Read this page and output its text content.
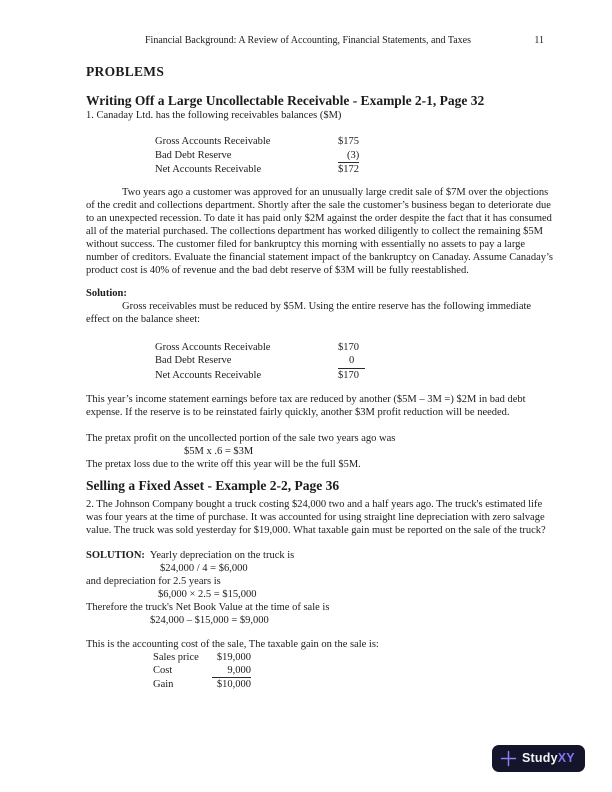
Financial Background: A Review of Accounting, Financial Statements, and Taxes	11
PROBLEMS
Writing Off a Large Uncollectable Receivable - Example 2-1, Page 32

1. Canaday Ltd. has the following receivables balances ($M)

Gross Accounts Receivable	$175
Bad Debt Reserve	(3)
Net Accounts Receivable	$172

Two years ago a customer was approved for an unusually large credit sale of $7M over the objections of the credit and collections department. Shortly after the sale the customer’s business began to deteriorate due to an unexpected recession. To date it has paid only $2M against the order despite the fact that it has consumed all of the material purchased. The collections department has worked diligently to collect the remaining $5M without success. The customer filed for bankruptcy this morning with essentially no assets to pay a large number of creditors. Evaluate the financial statement impact of the bankruptcy on Canaday. Assume Canaday’s product cost is 40% of revenue and the bad debt reserve of $3M will be fully reestablished.

Solution:

Gross receivables must be reduced by $5M. Using the entire reserve has the following immediate effect on the balance sheet:

Gross Accounts Receivable	$170
Bad Debt Reserve	0
Net Accounts Receivable	$170

This year’s income statement earnings before tax are reduced by another ($5M – 3M =) $2M in bad debt expense. If the reserve is to be reinstated fairly quickly, another $3M profit reduction will be needed.

The pretax profit on the uncollected portion of the sale two years ago was

$5M x .6 = $3M

The pretax loss due to the write off this year will be the full $5M.

Selling a Fixed Asset - Example 2-2, Page 36

2. The Johnson Company bought a truck costing $24,000 two and a half years ago. The truck's estimated life was four years at the time of purchase. It was accounted for using straight line depreciation with zero salvage value. The truck was sold yesterday for $19,000. What taxable gain must be reported on the sale of the truck?

SOLUTION: Yearly depreciation on the truck is

$24,000 / 4 = $6,000

and depreciation for 2.5 years is

$6,000 × 2.5 = $15,000

Therefore the truck's Net Book Value at the time of sale is

$24,000 – $15,000 = $9,000

This is the accounting cost of the sale, The taxable gain on the sale is:

Sales price	$19,000
Cost	9,000
Gain	$10,000
StudyXY
